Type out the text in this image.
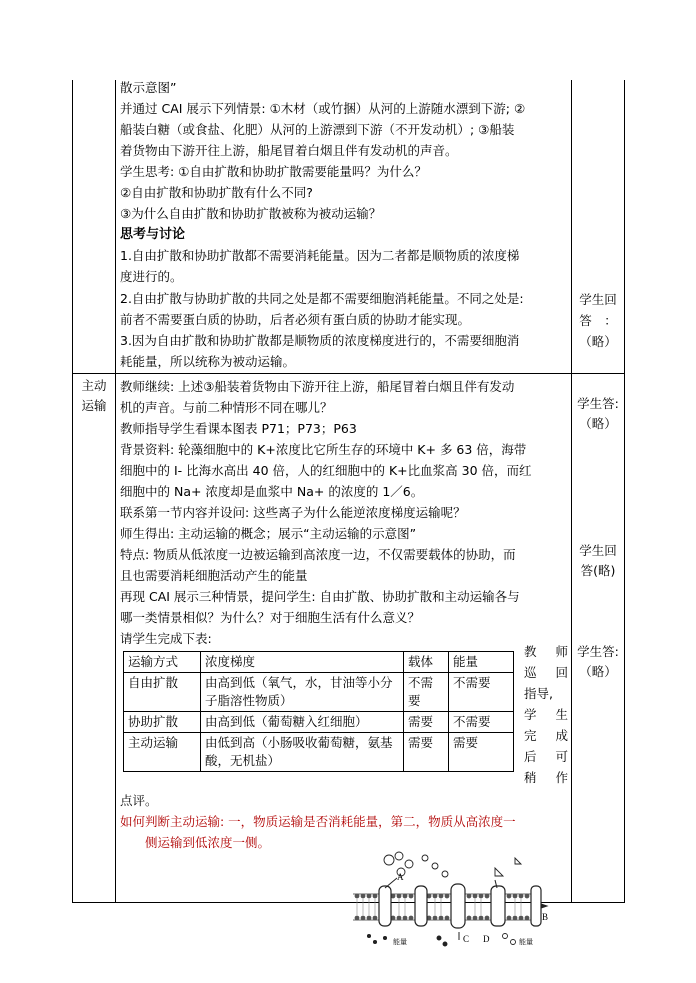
散示意图”
并通过 CAI 展示下列情景: ①木材（或竹捆）从河的上游随水漂到下游; ②
船装白糖（或食盐、化肥）从河的上游漂到下游（不开发动机）; ③船装
着货物由下游开往上游，船尾冒着白烟且伴有发动机的声音。
学生思考: ①自由扩散和协助扩散需要能量吗？为什么？
②自由扩散和协助扩散有什么不同?
③为什么自由扩散和协助扩散被称为被动运输？
思考与讨论
1.自由扩散和协助扩散都不需要消耗能量。因为二者都是顺物质的浓度梯
度进行的。
2.自由扩散与协助扩散的共同之处是都不需要细胞消耗能量。不同之处是:
前者不需要蛋白质的协助，后者必须有蛋白质的协助才能实现。
3.因为自由扩散和协助扩散都是顺物质的浓度梯度进行的，不需要细胞消
耗能量，所以统称为被动运输。
学生回
答　：
（略）
主动
运输
教师继续: 上述③船装着货物由下游开往上游，船尾冒着白烟且伴有发动
机的声音。与前二种情形不同在哪儿？
教师指导学生看课本图表 P71；P73；P63
背景资料: 轮藻细胞中的 K+浓度比它所生存的环境中 K+ 多 63 倍，海带
细胞中的 I- 比海水高出 40 倍，人的红细胞中的 K+比血浆高 30 倍，而红
细胞中的 Na+ 浓度却是血浆中 Na+ 的浓度的 1／6。
联系第一节内容并设问: 这些离子为什么能逆浓度梯度运输呢？
师生得出: 主动运输的概念；展示“主动运输的示意图”
特点: 物质从低浓度一边被运输到高浓度一边，不仅需要载体的协助，而
且也需要消耗细胞活动产生的能量
再现 CAI 展示三种情景，提问学生: 自由扩散、协助扩散和主动运输各与
哪一类情景相似？为什么？对于细胞生活有什么意义？
请学生完成下表:
运输方式	浓度梯度	载体	能量
自由扩散	由高到低（氧气，水，甘油等小分子脂溶性物质）	不需要	不需要
协助扩散	由高到低（葡萄糖入红细胞）	需要	不需要
主动运输	由低到高（小肠吸收葡萄糖，氨基酸，无机盐）	需要	需要
教 师
巡 回
指导,
学 生
完 成
后 可
稍 作
点评。
如何判断主动运输: 一，物质运输是否消耗能量，第二，物质从高浓度一
侧运输到低浓度一侧。
学生答:
（略）
学生回
答(略)
学生答:
（略）
A
B
C D
能量	能量
